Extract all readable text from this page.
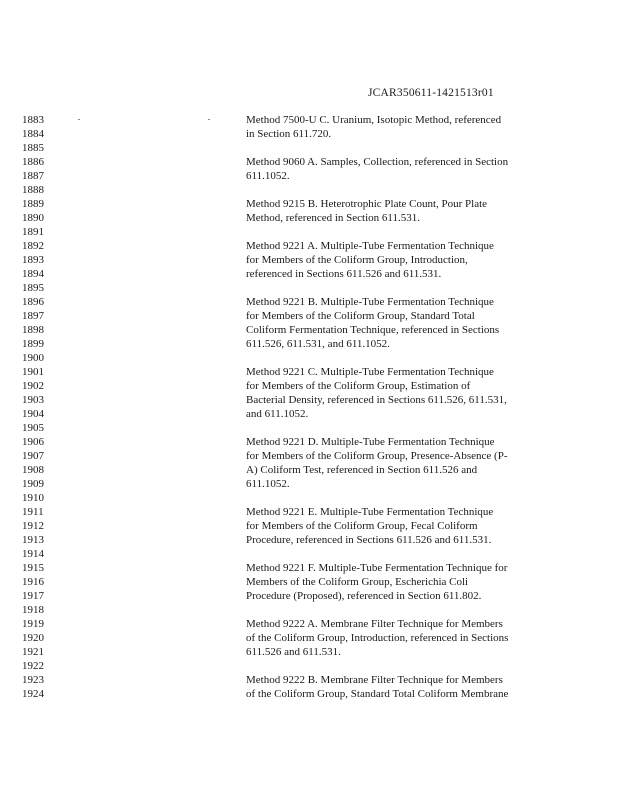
JCAR350611-1421513r01
1883
1884
1885
1886
1887
1888
1889
1890
1891
1892
1893
1894
1895
1896
1897
1898
1899
1900
1901
1902
1903
1904
1905
1906
1907
1908
1909
1910
1911
1912
1913
1914
1915
1916
1917
1918
1919
1920
1921
1922
1923
1924
Method 7500-U C. Uranium, Isotopic Method, referenced
in Section 611.720.
Method 9060 A. Samples, Collection, referenced in Section
611.1052.
Method 9215 B. Heterotrophic Plate Count, Pour Plate
Method, referenced in Section 611.531.
Method 9221 A. Multiple-Tube Fermentation Technique
for Members of the Coliform Group, Introduction,
referenced in Sections 611.526 and 611.531.
Method 9221 B. Multiple-Tube Fermentation Technique
for Members of the Coliform Group, Standard Total
Coliform Fermentation Technique, referenced in Sections
611.526, 611.531, and 611.1052.
Method 9221 C. Multiple-Tube Fermentation Technique
for Members of the Coliform Group, Estimation of
Bacterial Density, referenced in Sections 611.526, 611.531,
and 611.1052.
Method 9221 D. Multiple-Tube Fermentation Technique
for Members of the Coliform Group, Presence-Absence (P-
A) Coliform Test, referenced in Section 611.526 and
611.1052.
Method 9221 E. Multiple-Tube Fermentation Technique
for Members of the Coliform Group, Fecal Coliform
Procedure, referenced in Sections 611.526 and 611.531.
Method 9221 F. Multiple-Tube Fermentation Technique for
Members of the Coliform Group, Escherichia Coli
Procedure (Proposed), referenced in Section 611.802.
Method 9222 A. Membrane Filter Technique for Members
of the Coliform Group, Introduction, referenced in Sections
611.526 and 611.531.
Method 9222 B. Membrane Filter Technique for Members
of the Coliform Group, Standard Total Coliform Membrane
